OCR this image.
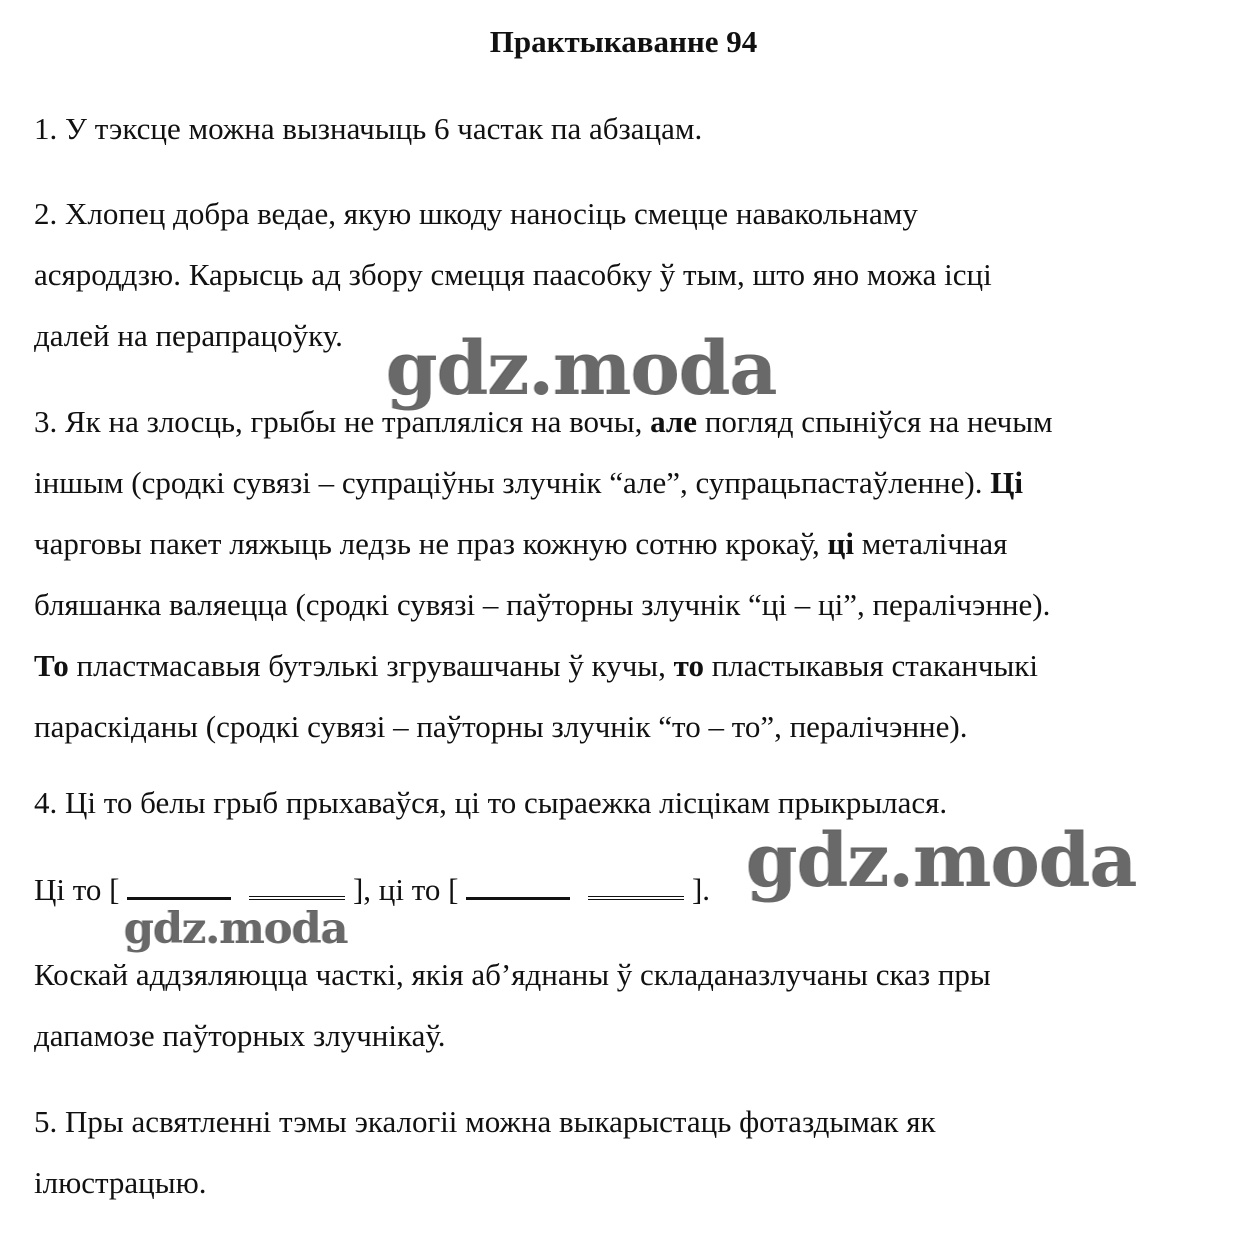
Практыкаванне 94
1. У тэксце можна вызначыць 6 частак па абзацам.
2. Хлопец добра ведае, якую шкоду наносіць смецце навакольнаму
асяроддзю. Карысць ад збору смецця паасобку ў тым, што яно можа ісці
далей на перапрацоўку.
3. Як на злосць, грыбы не трапляліся на вочы, але погляд спыніўся на нечым
іншым (сродкі сувязі – супраціўны злучнік “але”, супрацьпастаўленне). Ці
чарговы пакет ляжыць ледзь не праз кожную сотню крокаў, ці металічная
бляшанка валяецца (сродкі сувязі – паўторны злучнік “ці – ці”, пералічэнне).
То пластмасавыя бутэлькі згрувашчаны ў кучы, то пластыкавыя стаканчыкі
параскіданы (сродкі сувязі – паўторны злучнік “то – то”, пералічэнне).
4. Ці то белы грыб прыхаваўся, ці то сыраежка лісцікам прыкрылася.
Ці то [	], ці то [	].
Коскай аддзяляюцца часткі, якія аб’яднаны ў складаназлучаны сказ пры
дапамозе паўторных злучнікаў.
5. Пры асвятленні тэмы экалогіі можна выкарыстаць фотаздымак як
ілюстрацыю.
gdz.moda
gdz.moda
gdz.moda
